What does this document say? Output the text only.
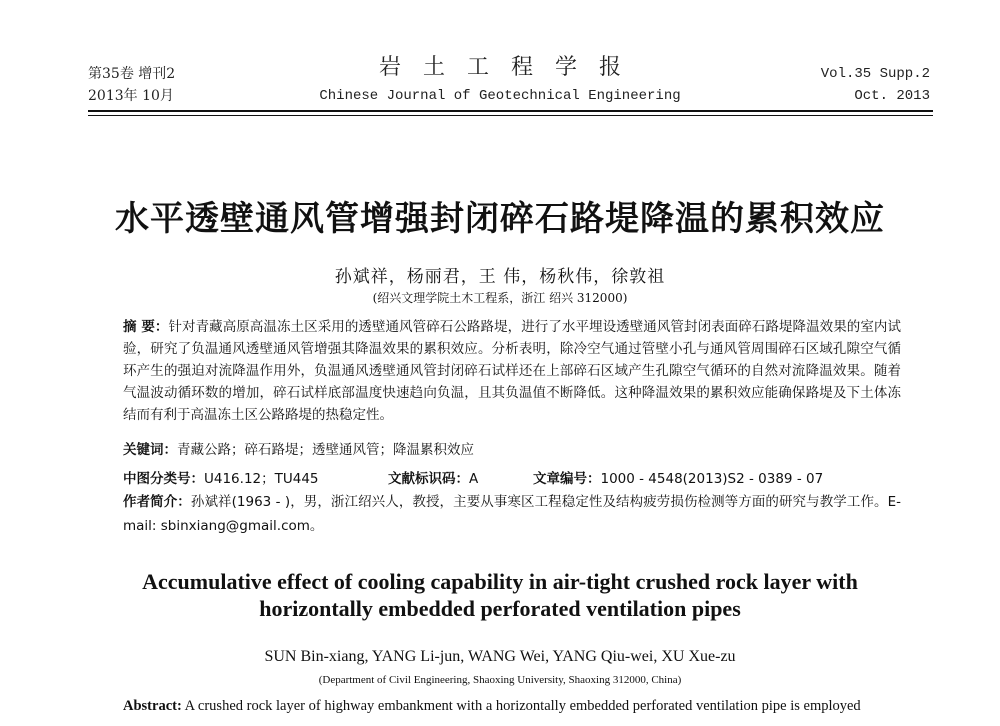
第35卷 增刊2
2013年 10月
岩土工程学报
Chinese Journal of Geotechnical Engineering
Vol.35 Supp.2
Oct. 2013
水平透壁通风管增强封闭碎石路堤降温的累积效应
孙斌祥，杨丽君，王 伟，杨秋伟，徐敦祖
(绍兴文理学院土木工程系，浙江 绍兴 312000)
摘 要：针对青藏高原高温冻土区采用的透壁通风管碎石公路路堤，进行了水平埋设透壁通风管封闭表面碎石路堤降温效果的室内试验，研究了负温通风透壁通风管增强其降温效果的累积效应。分析表明，除冷空气通过管壁小孔与通风管周围碎石区域孔隙空气循环产生的强迫对流降温作用外，负温通风透壁通风管封闭碎石试样还在上部碎石区域产生孔隙空气循环的自然对流降温效果。随着气温波动循环数的增加，碎石试样底部温度快速趋向负温，且其负温值不断降低。这种降温效果的累积效应能确保路堤及下土体冻结而有利于高温冻土区公路路堤的热稳定性。
关键词：青藏公路；碎石路堤；透壁通风管；降温累积效应
中图分类号：U416.12；TU445	文献标识码：A	文章编号：1000 - 4548(2013)S2 - 0389 - 07
作者简介：孙斌祥(1963 - )，男，浙江绍兴人，教授，主要从事寒区工程稳定性及结构疲劳损伤检测等方面的研究与教学工作。E-mail: sbinxiang@gmail.com。
Accumulative effect of cooling capability in air-tight crushed rock layer with horizontally embedded perforated ventilation pipes
SUN Bin-xiang, YANG Li-jun, WANG Wei, YANG Qiu-wei, XU Xue-zu
(Department of Civil Engineering, Shaoxing University, Shaoxing 312000, China)
Abstract: A crushed rock layer of highway embankment with a horizontally embedded perforated ventilation pipe is employed
